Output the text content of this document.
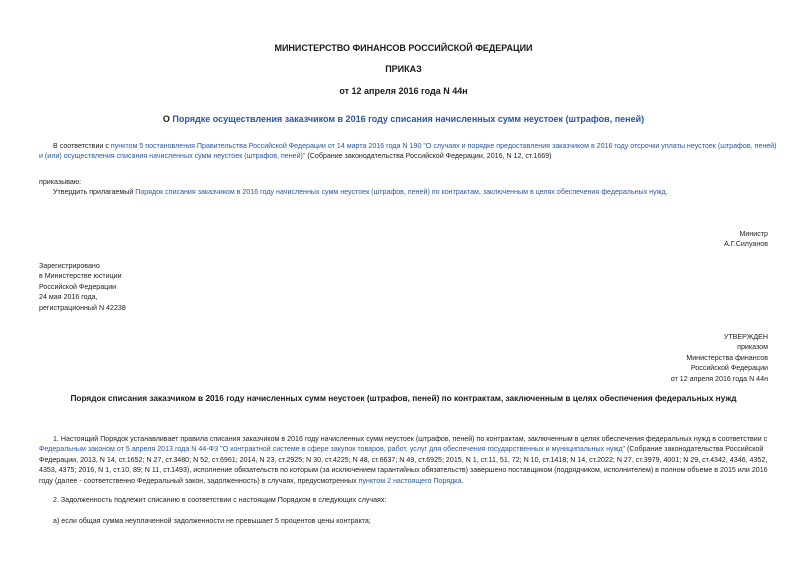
МИНИСТЕРСТВО ФИНАНСОВ РОССИЙСКОЙ ФЕДЕРАЦИИ
ПРИКАЗ
от 12 апреля 2016 года N 44н
О Порядке осуществления заказчиком в 2016 году списания начисленных сумм неустоек (штрафов, пеней)
В соответствии с пунктом 5 постановления Правительства Российской Федерации от 14 марта 2016 года N 190 "О случаях и порядке предоставления заказчиком в 2016 году отсрочки уплаты неустоек (штрафов, пеней) и (или) осуществления списания начисленных сумм неустоек (штрафов, пеней)" (Собрание законодательства Российской Федерации, 2016, N 12, ст.1669)
приказываю:
Утвердить прилагаемый Порядок списания заказчиком в 2016 году начисленных сумм неустоек (штрафов, пеней) по контрактам, заключенным в целях обеспечения федеральных нужд.
Министр
А.Г.Силуанов
Зарегистрировано
в Министерстве юстиции
Российской Федерации
24 мая 2016 года,
регистрационный N 42238
УТВЕРЖДЕН
приказом
Министерства финансов
Российской Федерации
от 12 апреля 2016 года N 44н
Порядок списания заказчиком в 2016 году начисленных сумм неустоек (штрафов, пеней) по контрактам, заключенным в целях обеспечения федеральных нужд
1. Настоящий Порядок устанавливает правила списания заказчиком в 2016 году начисленных сумм неустоек (штрафов, пеней) по контрактам, заключенным в целях обеспечения федеральных нужд в соответствии с Федеральным законом от 5 апреля 2013 года N 44-ФЗ "О контрактной системе в сфере закупок товаров, работ, услуг для обеспечения государственных и муниципальных нужд" (Собрание законодательства Российской Федерации, 2013, N 14, ст.1652; N 27, ст.3480; N 52, ст.6961; 2014, N 23, ст.2925; N 30, ст.4225; N 48, ст.6637; N 49, ст.6925; 2015, N 1, ст.11, 51, 72; N 10, ст.1418; N 14, ст.2022; N 27, ст.3979, 4001; N 29, ст.4342, 4346, 4352, 4353, 4375; 2016, N 1, ст.10, 89; N 11, ст.1493), исполнение обязательств по которым (за исключением гарантийных обязательств) завершено поставщиком (подрядчиком, исполнителем) в полном объеме в 2015 или 2016 году (далее - соответственно Федеральный закон, задолженность) в случаях, предусмотренных пунктом 2 настоящего Порядка.
2. Задолженность подлежит списанию в соответствии с настоящим Порядком в следующих случаях:
а) если общая сумма неуплаченной задолженности не превышает 5 процентов цены контракта;
